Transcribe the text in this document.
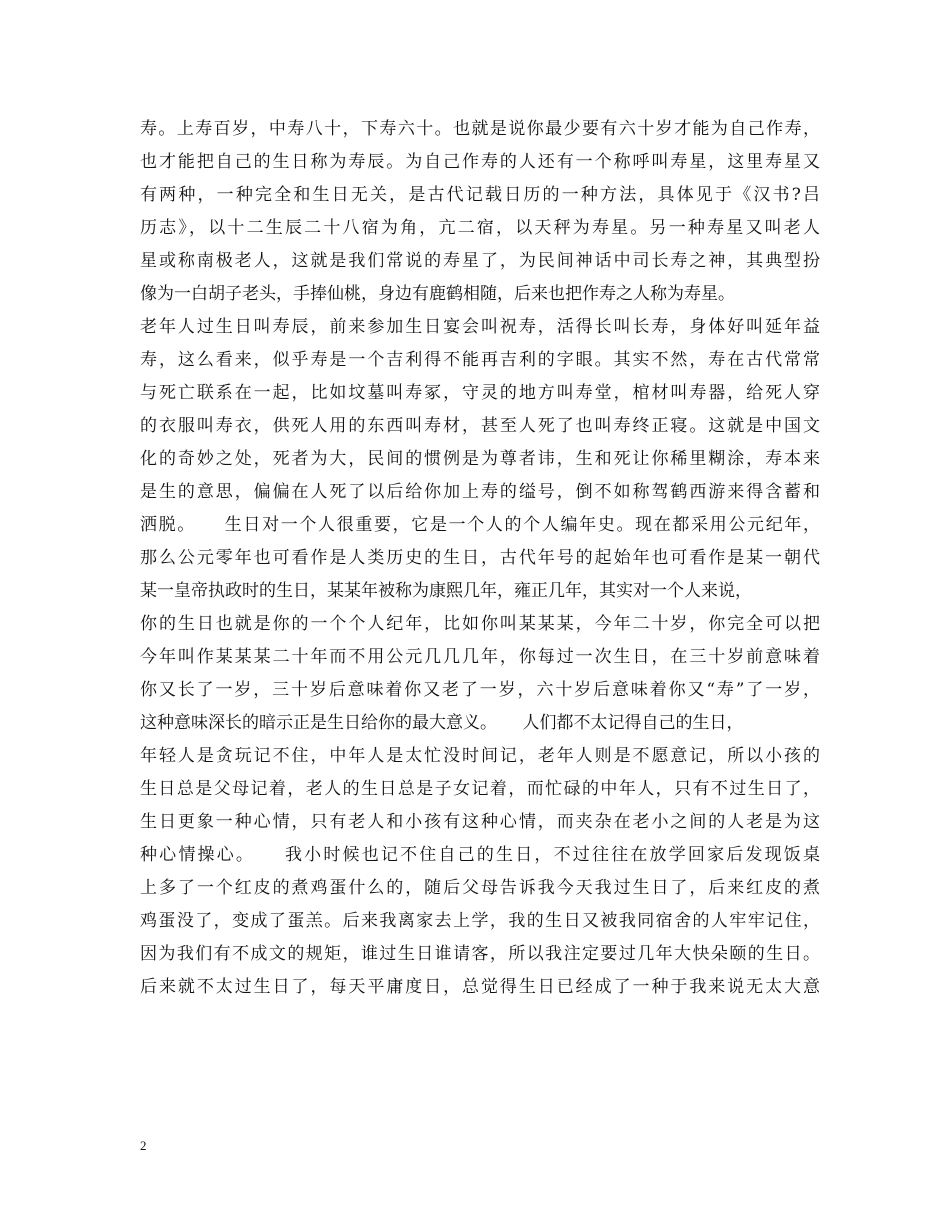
寿。上寿百岁，中寿八十，下寿六十。也就是说你最少要有六十岁才能为自己作寿，
也才能把自己的生日称为寿辰。为自己作寿的人还有一个称呼叫寿星，这里寿星又
有两种，一种完全和生日无关，是古代记载日历的一种方法，具体见于《汉书?吕
历志》，以十二生辰二十八宿为角，亢二宿，以天秤为寿星。另一种寿星又叫老人
星或称南极老人，这就是我们常说的寿星了，为民间神话中司长寿之神，其典型扮
像为一白胡子老头，手捧仙桃，身边有鹿鹤相随，后来也把作寿之人称为寿星。
老年人过生日叫寿辰，前来参加生日宴会叫祝寿，活得长叫长寿，身体好叫延年益
寿，这么看来，似乎寿是一个吉利得不能再吉利的字眼。其实不然，寿在古代常常
与死亡联系在一起，比如坟墓叫寿冢，守灵的地方叫寿堂，棺材叫寿器，给死人穿
的衣服叫寿衣，供死人用的东西叫寿材，甚至人死了也叫寿终正寝。这就是中国文
化的奇妙之处，死者为大，民间的惯例是为尊者讳，生和死让你稀里糊涂，寿本来
是生的意思，偏偏在人死了以后给你加上寿的缢号，倒不如称驾鹤西游来得含蓄和
洒脱。　　生日对一个人很重要，它是一个人的个人编年史。现在都采用公元纪年，
那么公元零年也可看作是人类历史的生日，古代年号的起始年也可看作是某一朝代
某一皇帝执政时的生日，某某年被称为康熙几年，雍正几年，其实对一个人来说，
你的生日也就是你的一个个人纪年，比如你叫某某某，今年二十岁，你完全可以把
今年叫作某某某二十年而不用公元几几几年，你每过一次生日，在三十岁前意味着
你又长了一岁，三十岁后意味着你又老了一岁，六十岁后意味着你又“寿”了一岁，
这种意味深长的暗示正是生日给你的最大意义。　　人们都不太记得自己的生日，
年轻人是贪玩记不住，中年人是太忙没时间记，老年人则是不愿意记，所以小孩的
生日总是父母记着，老人的生日总是子女记着，而忙碌的中年人，只有不过生日了，
生日更象一种心情，只有老人和小孩有这种心情，而夹杂在老小之间的人老是为这
种心情操心。　　我小时候也记不住自己的生日，不过往往在放学回家后发现饭桌
上多了一个红皮的煮鸡蛋什么的，随后父母告诉我今天我过生日了，后来红皮的煮
鸡蛋没了，变成了蛋羔。后来我离家去上学，我的生日又被我同宿舍的人牢牢记住，
因为我们有不成文的规矩，谁过生日谁请客，所以我注定要过几年大快朵颐的生日。
后来就不太过生日了，每天平庸度日，总觉得生日已经成了一种于我来说无太大意
2
